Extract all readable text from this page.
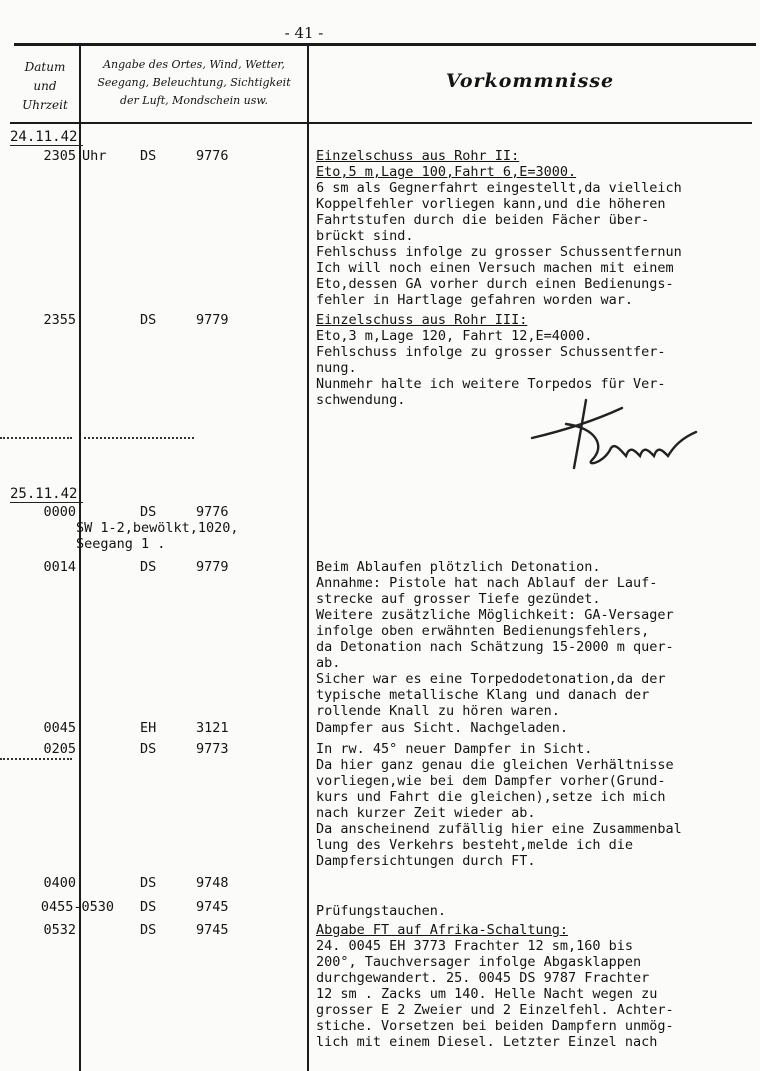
- 41 -
Datum
und
Uhrzeit
Angabe des Ortes, Wind, Wetter,
Seegang, Beleuchtung, Sichtigkeit
der Luft, Mondschein usw.
Vorkommnisse
24.11.42
2305 Uhr DS	9776	Einzelschuss aus Rohr II:
Eto,5 m,Lage 100,Fahrt 6,E=3000.
6 sm als Gegnerfahrt eingestellt,da vielleich
Koppelfehler vorliegen kann,und die höheren
Fahrtstufen durch die beiden Fächer über-
brückt sind.
Fehlschuss infolge zu grosser Schussentfernun
Ich will noch einen Versuch machen mit einem
Eto,dessen GA vorher durch einen Bedienungs-
fehler in Hartlage gefahren worden war.
2355	DS	9779	Einzelschuss aus Rohr III:
Eto,3 m,Lage 120, Fahrt 12,E=4000.
Fehlschuss infolge zu grosser Schussentfer-
nung.
Nunmehr halte ich weitere Torpedos für Ver-
schwendung.
25.11.42
0000	DS	9776
SW 1-2,bewölkt,1020,
Seegang 1 .
0014	DS	9779	Beim Ablaufen plötzlich Detonation.
Annahme: Pistole hat nach Ablauf der Lauf-
strecke auf grosser Tiefe gezündet.
Weitere zusätzliche Möglichkeit: GA-Versager
infolge oben erwähnten Bedienungsfehlers,
da Detonation nach Schätzung 15-2000 m quer-
ab.
Sicher war es eine Torpedodetonation,da der
typische metallische Klang und danach der
rollende Knall zu hören waren.
0045	EH	3121	Dampfer aus Sicht. Nachgeladen.
0205	DS	9773	In rw. 45° neuer Dampfer in Sicht.
Da hier ganz genau die gleichen Verhältnisse
vorliegen,wie bei dem Dampfer vorher(Grund-
kurs und Fahrt die gleichen),setze ich mich
nach kurzer Zeit wieder ab.
Da anscheinend zufällig hier eine Zusammenbal
lung des Verkehrs besteht,melde ich die
Dampfersichtungen durch FT.
0400	DS	9748
0455-0530 DS	9745	Prüfungstauchen.
0532	DS	9745	Abgabe FT auf Afrika-Schaltung:
24. 0045 EH 3773 Frachter 12 sm,160 bis
200°, Tauchversager infolge Abgasklappen
durchgewandert. 25. 0045 DS 9787 Frachter
12 sm . Zacks um 140. Helle Nacht wegen zu
grosser E 2 Zweier und 2 Einzelfehl. Achter-
stiche. Vorsetzen bei beiden Dampfern unmög-
lich mit einem Diesel. Letzter Einzel nach
